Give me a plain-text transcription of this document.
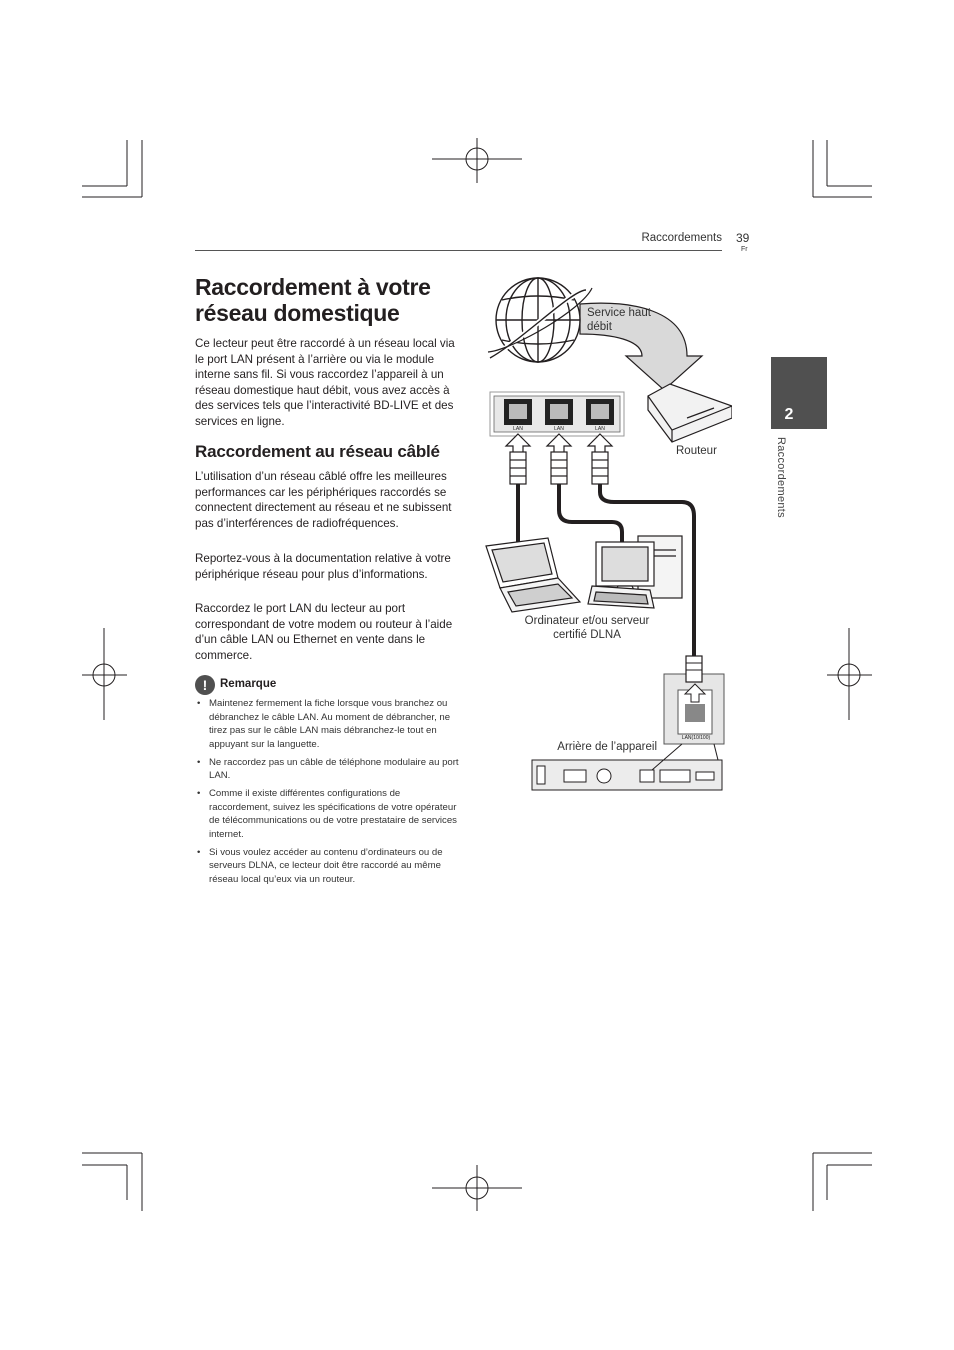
Raccordements 39
Fr
2
Raccordements
Raccordement à votre réseau domestique

Ce lecteur peut être raccordé à un réseau local via le port LAN présent à l’arrière ou via le module interne sans fil. Si vous raccordez l’appareil à un réseau domestique haut débit, vous avez accès à des services tels que l’interactivité BD-LIVE et des services en ligne.

Raccordement au réseau câblé

L’utilisation d’un réseau câblé offre les meilleures performances car les périphériques raccordés se connectent directement au réseau et ne subissent pas d’interférences de radiofréquences.

Reportez-vous à la documentation relative à votre périphérique réseau pour plus d’informations.

Raccordez le port LAN du lecteur au port correspondant de votre modem ou routeur à l’aide d’un câble LAN ou Ethernet en vente dans le commerce.

!	Remarque
• Maintenez fermement la fiche lorsque vous branchez ou débranchez le câble LAN. Au moment de débrancher, ne tirez pas sur le câble LAN mais débranchez-le tout en appuyant sur la languette.
• Ne raccordez pas un câble de téléphone modulaire au port LAN.
• Comme il existe différentes configurations de raccordement, suivez les spécifications de votre opérateur de télécommunications ou de votre prestataire de services internet.
• Si vous voulez accéder au contenu d’ordinateurs ou de serveurs DLNA, ce lecteur doit être raccordé au même réseau local qu’eux via un routeur.
LAN	LAN	LAN
LAN(10/100)
Service haut débit
Routeur
Ordinateur et/ou serveur certifié DLNA
Arrière de l’appareil
